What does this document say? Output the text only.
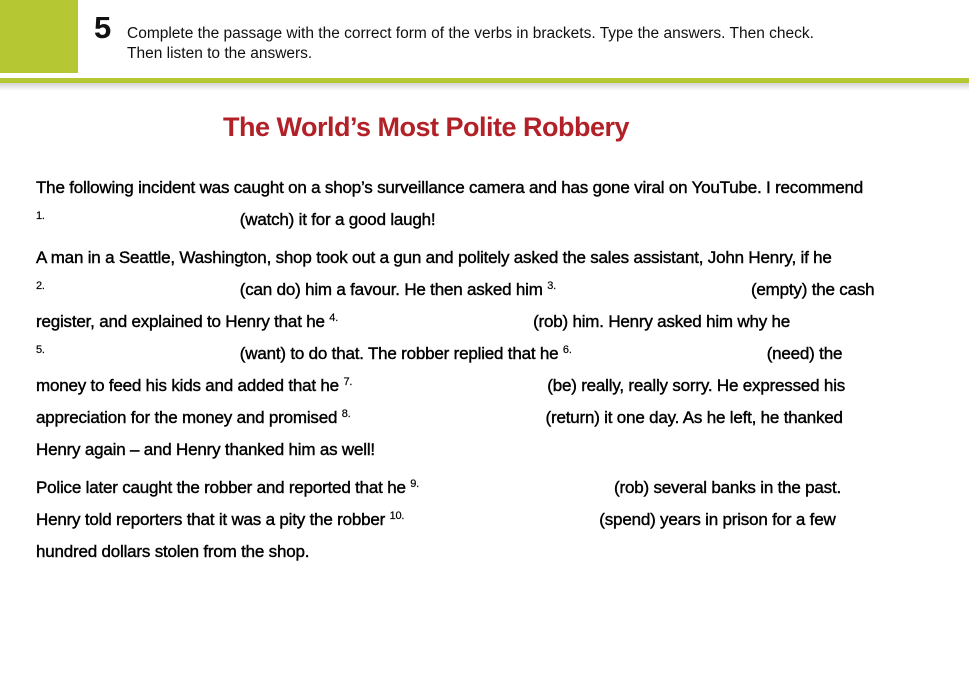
5 Complete the passage with the correct form of the verbs in brackets. Type the answers. Then check.
Then listen to the answers.
The World’s Most Polite Robbery
The following incident was caught on a shop’s surveillance camera and has gone viral on YouTube. I recommend
$^{1.}$	(watch) it for a good laugh!
A man in a Seattle, Washington, shop took out a gun and politely asked the sales assistant, John Henry, if he
$^{2.}$	(can do) him a favour. He then asked him $^{3.}$	(empty) the cash
register, and explained to Henry that he $^{4.}$	(rob) him. Henry asked him why he
$^{5.}$	(want) to do that. The robber replied that he $^{6.}$	(need) the
money to feed his kids and added that he $^{7.}$	(be) really, really sorry. He expressed his
appreciation for the money and promised $^{8.}$	(return) it one day. As he left, he thanked
Henry again – and Henry thanked him as well!
Police later caught the robber and reported that he $^{9.}$	(rob) several banks in the past.
Henry told reporters that it was a pity the robber $^{10.}$	(spend) years in prison for a few
hundred dollars stolen from the shop.
